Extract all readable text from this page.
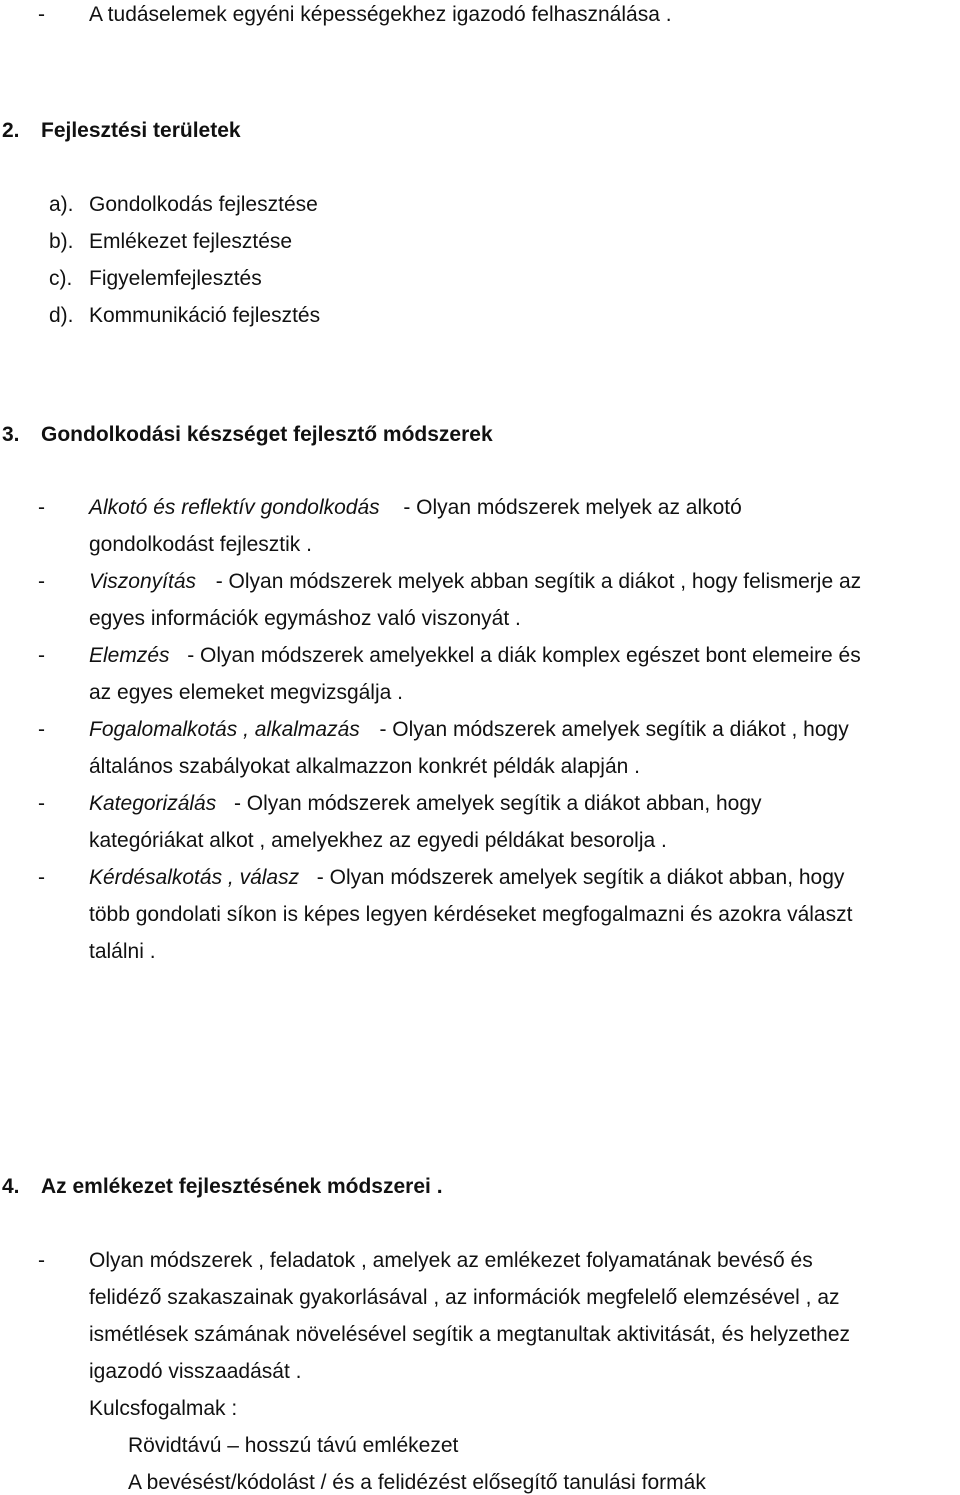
- A tudáselemek egyéni képességekhez igazodó felhasználása .
2. Fejlesztési területek
a). Gondolkodás fejlesztése
b). Emlékezet fejlesztése
c). Figyelemfejlesztés
d). Kommunikáció fejlesztés
3. Gondolkodási készséget fejlesztő módszerek
- Alkotó és reflektív gondolkodás - Olyan módszerek melyek az alkotó
gondolkodást fejlesztik .
- Viszonyítás - Olyan módszerek melyek abban segítik a diákot , hogy felismerje az
egyes információk egymáshoz való viszonyát .
- Elemzés - Olyan módszerek amelyekkel a diák komplex egészet bont elemeire és
az egyes elemeket megvizsgálja .
- Fogalomalkotás , alkalmazás - Olyan módszerek amelyek segítik a diákot , hogy
általános szabályokat alkalmazzon konkrét példák alapján .
- Kategorizálás - Olyan módszerek amelyek segítik a diákot abban, hogy
kategóriákat alkot , amelyekhez az egyedi példákat besorolja .
- Kérdésalkotás , válasz - Olyan módszerek amelyek segítik a diákot abban, hogy
több gondolati síkon is képes legyen kérdéseket megfogalmazni és azokra választ
találni .
4. Az emlékezet fejlesztésének módszerei .
- Olyan módszerek , feladatok , amelyek az emlékezet folyamatának bevéső és
felidéző szakaszainak gyakorlásával , az információk megfelelő elemzésével , az
ismétlések számának növelésével segítik a megtanultak aktivitását, és helyzethez
igazodó visszaadását .
Kulcsfogalmak :
Rövidtávú – hosszú távú emlékezet
A bevésést/kódolást / és a felidézést elősegítő tanulási formák
